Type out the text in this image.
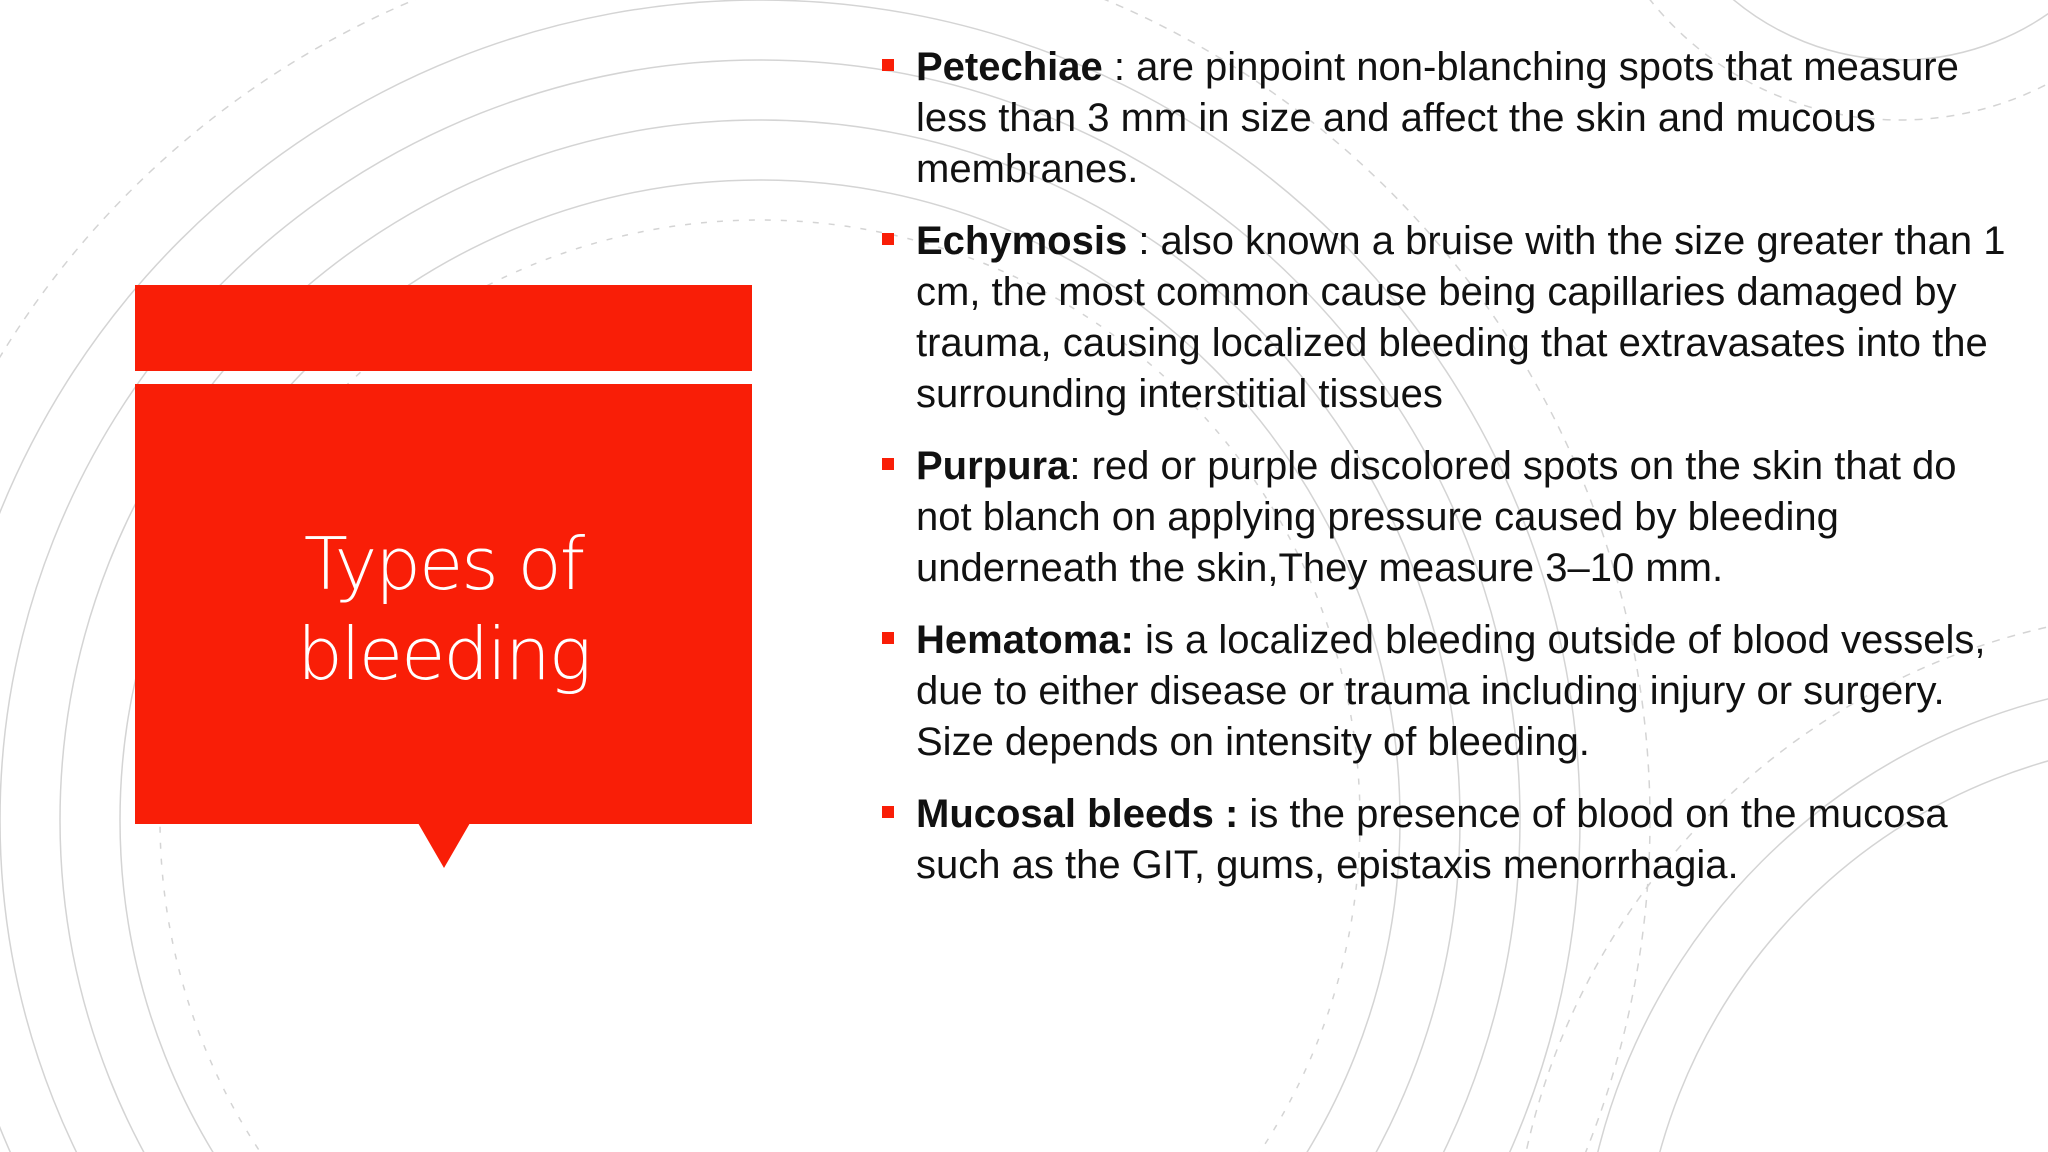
Types of
bleeding
Petechiae : are pinpoint non-blanching spots that measure less than 3 mm in size and affect the skin and mucous membranes.
Echymosis : also known a bruise with the size greater than 1 cm, the most common cause being capillaries damaged by trauma, causing localized bleeding that extravasates into the surrounding interstitial tissues
Purpura: red or purple discolored spots on the skin that do not blanch on applying pressure caused by bleeding underneath the skin,They measure 3–10 mm.
Hematoma: is a localized bleeding outside of blood vessels, due to either disease or trauma including injury or surgery. Size depends on intensity of bleeding.
Mucosal bleeds : is the presence of blood on the mucosa such as the GIT, gums, epistaxis menorrhagia.
